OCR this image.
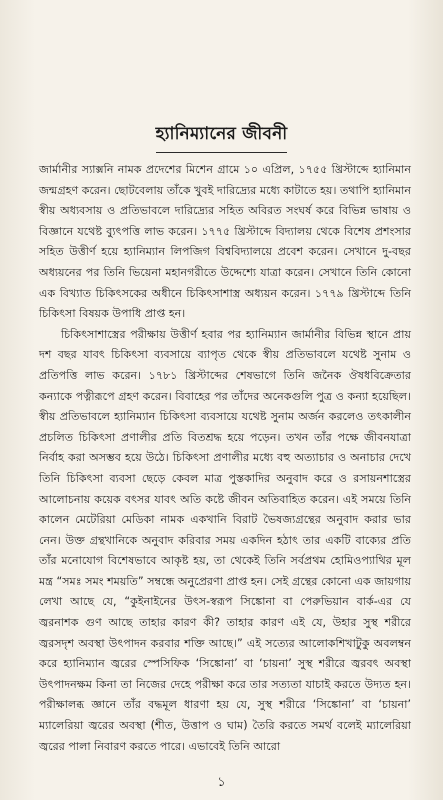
হ্যানিম্যানের জীবনী

জার্মানীর স্যাক্সনি নামক প্রদেশের মিশেন গ্রামে ১০ এপ্রিল, ১৭৫৫ খ্রিস্টাব্দে হ্যানিমান জন্মগ্রহণ করেন। ছোটবেলায় তাঁকে খুবই দারিদ্র্যের মধ্যে কাটাতে হয়। তথাপি হ্যানিমান স্বীয় অধ্যবসায় ও প্রতিভাবলে দারিদ্র্যের সহিত অবিরত সংঘর্ষ করে বিভিন্ন ভাষায় ও বিজ্ঞানে যথেষ্ট ব্যুৎপত্তি লাভ করেন। ১৭৭৫ খ্রিস্টাব্দে বিদ্যালয় থেকে বিশেষ প্রশংসার সহিত উত্তীর্ণ হয়ে হ্যানিম্যান লিপজিগ বিশ্ববিদ্যালয়ে প্রবেশ করেন। সেখানে দু-বছর অধ্যয়নের পর তিনি ভিয়েনা মহানগরীতে উদ্দেশ্যে যাত্রা করেন। সেখানে তিনি কোনো এক বিখ্যাত চিকিৎসকের অধীনে চিকিৎসাশাস্ত্র অধ্যয়ন করেন। ১৭৭৯ খ্রিস্টাব্দে তিনি চিকিৎসা বিষয়ক উপাধি প্রাপ্ত হন।

চিকিৎসাশাস্ত্রের পরীক্ষায় উত্তীর্ণ হবার পর হ্যানিম্যান জার্মানীর বিভিন্ন স্থানে প্রায় দশ বছর যাবৎ চিকিৎসা ব্যবসায়ে ব্যাপৃত থেকে স্বীয় প্রতিভাবলে যথেষ্ট সুনাম ও প্রতিপত্তি লাভ করেন। ১৭৮১ খ্রিস্টাব্দের শেষভাগে তিনি জনৈক ঔষধবিক্রেতার কন্যাকে পত্নীরূপে গ্রহণ করেন। বিবাহের পর তাঁদের অনেকগুলি পুত্র ও কন্যা হয়েছিল। স্বীয় প্রতিভাবলে হ্যানিম্যান চিকিৎসা ব্যবসায়ে যথেষ্ট সুনাম অর্জন করলেও তৎকালীন প্রচলিত চিকিৎসা প্রণালীর প্রতি বিতশ্রদ্ধ হয়ে পড়েন। তখন তাঁর পক্ষে জীবনযাত্রা নির্বাহ করা অসম্ভব হয়ে উঠে। চিকিৎসা প্রণালীর মধ্যে বহু অত্যাচার ও অনাচার দেখে তিনি চিকিৎসা ব্যবসা ছেড়ে কেবল মাত্র পুস্তকাদির অনুবাদ করে ও রসায়নশাস্ত্রের আলোচনায় কয়েক বৎসর যাবৎ অতি কষ্টে জীবন অতিবাহিত করেন। এই সময়ে তিনি কালেন মেটেরিয়া মেডিকা নামক একখানি বিরাট ভৈষজ্যগ্রন্থের অনুবাদ করার ভার নেন। উক্ত গ্রন্থখানিকে অনুবাদ করিবার সময় একদিন হঠাৎ তার একটি বাক্যের প্রতি তাঁর মনোযোগ বিশেষভাবে আকৃষ্ট হয়, তা থেকেই তিনি সর্বপ্রথম হোমিওপ্যাথির মূল মন্ত্র “সমঃ সমং শময়তি” সম্বন্ধে অনুপ্রেরণা প্রাপ্ত হন। সেই গ্রন্থের কোনো এক জায়গায় লেখা আছে যে, “কুইনাইনের উৎস-স্বরূপ সিঙ্কোনা বা পেরুভিয়ান বার্ক-এর যে জ্বরনাশক গুণ আছে তাহার কারণ কী? তাহার কারণ এই যে, উহার সুস্থ শরীরে জ্বরসদৃশ অবস্থা উৎপাদন করবার শক্তি আছে।” এই সত্যের আলোকশিখাটুকু অবলম্বন করে হ্যানিম্যান জ্বরের স্পেসিফিক ‘সিঙ্কোনা’ বা ‘চায়না’ সুস্থ শরীরে জ্বরবৎ অবস্থা উৎপাদনক্ষম কিনা তা নিজের দেহে পরীক্ষা করে তার সত্যতা যাচাই করতে উদ্যত হন। পরীক্ষালব্ধ জ্ঞানে তাঁর বদ্ধমূল ধারণা হয় যে, সুস্থ শরীরে ‘সিঙ্কোনা’ বা ‘চায়না’ ম্যালেরিয়া জ্বরের অবস্থা (শীত, উত্তাপ ও ঘাম) তৈরি করতে সমর্থ বলেই ম্যালেরিয়া জ্বরের পালা নিবারণ করতে পারে। এভাবেই তিনি আরো

১
